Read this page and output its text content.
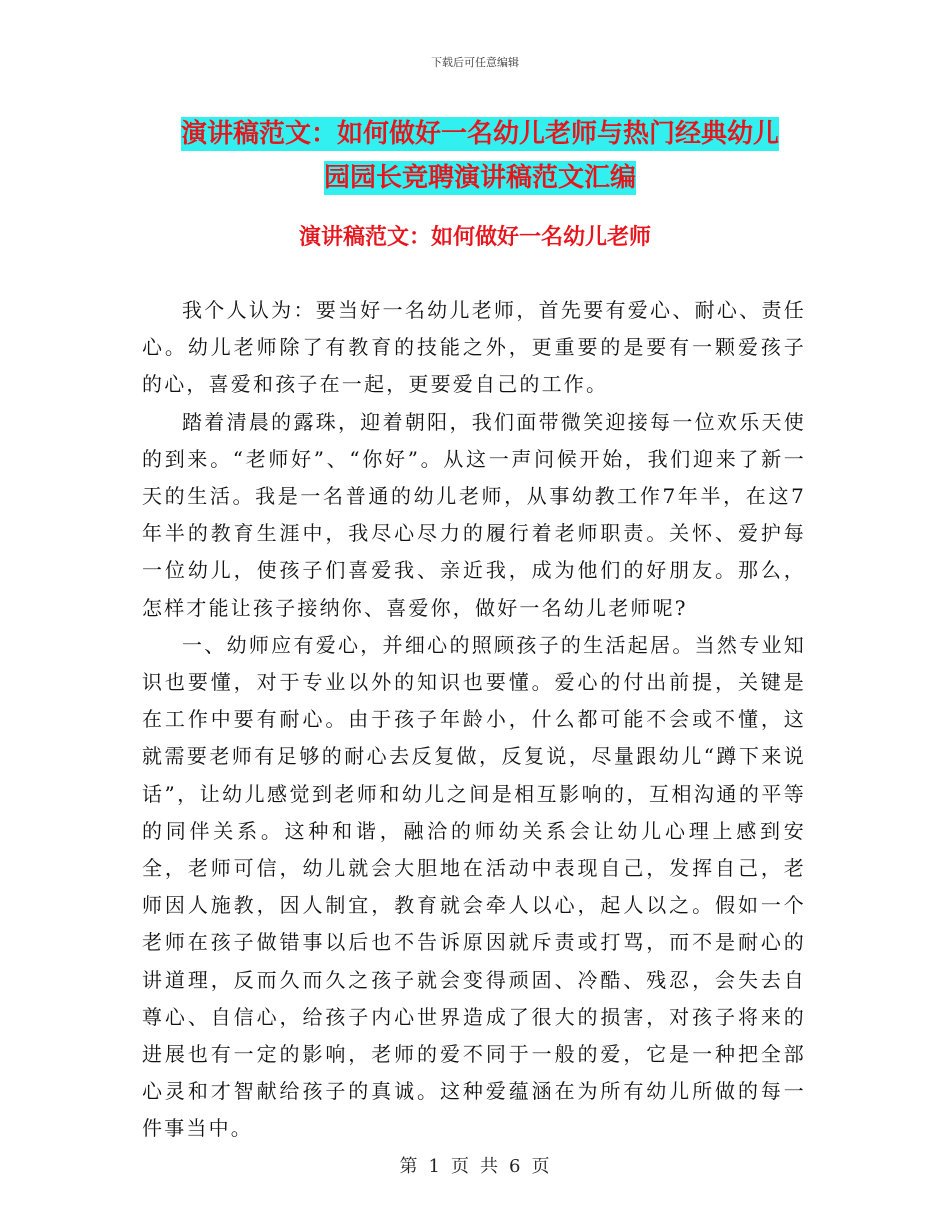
下载后可任意编辑
演讲稿范文：如何做好一名幼儿老师与热门经典幼儿
园园长竞聘演讲稿范文汇编
演讲稿范文：如何做好一名幼儿老师

我个人认为：要当好一名幼儿老师，首先要有爱心、耐心、责任心。幼儿老师除了有教育的技能之外，更重要的是要有一颗爱孩子的心，喜爱和孩子在一起，更要爱自己的工作。

踏着清晨的露珠，迎着朝阳，我们面带微笑迎接每一位欢乐天使的到来。“老师好”、“你好”。从这一声问候开始，我们迎来了新一天的生活。我是一名普通的幼儿老师，从事幼教工作7年半，在这7年半的教育生涯中，我尽心尽力的履行着老师职责。关怀、爱护每一位幼儿，使孩子们喜爱我、亲近我，成为他们的好朋友。那么，怎样才能让孩子接纳你、喜爱你，做好一名幼儿老师呢?

一、幼师应有爱心，并细心的照顾孩子的生活起居。当然专业知识也要懂，对于专业以外的知识也要懂。爱心的付出前提，关键是在工作中要有耐心。由于孩子年龄小，什么都可能不会或不懂，这就需要老师有足够的耐心去反复做，反复说，尽量跟幼儿“蹲下来说话”，让幼儿感觉到老师和幼儿之间是相互影响的，互相沟通的平等的同伴关系。这种和谐，融洽的师幼关系会让幼儿心理上感到安全，老师可信，幼儿就会大胆地在活动中表现自己，发挥自己，老师因人施教，因人制宜，教育就会牵人以心，起人以之。假如一个老师在孩子做错事以后也不告诉原因就斥责或打骂，而不是耐心的讲道理，反而久而久之孩子就会变得顽固、冷酷、残忍，会失去自尊心、自信心，给孩子内心世界造成了很大的损害，对孩子将来的进展也有一定的影响，老师的爱不同于一般的爱，它是一种把全部心灵和才智献给孩子的真诚。这种爱蕴涵在为所有幼儿所做的每一件事当中。

第 1 页 共 6 页
